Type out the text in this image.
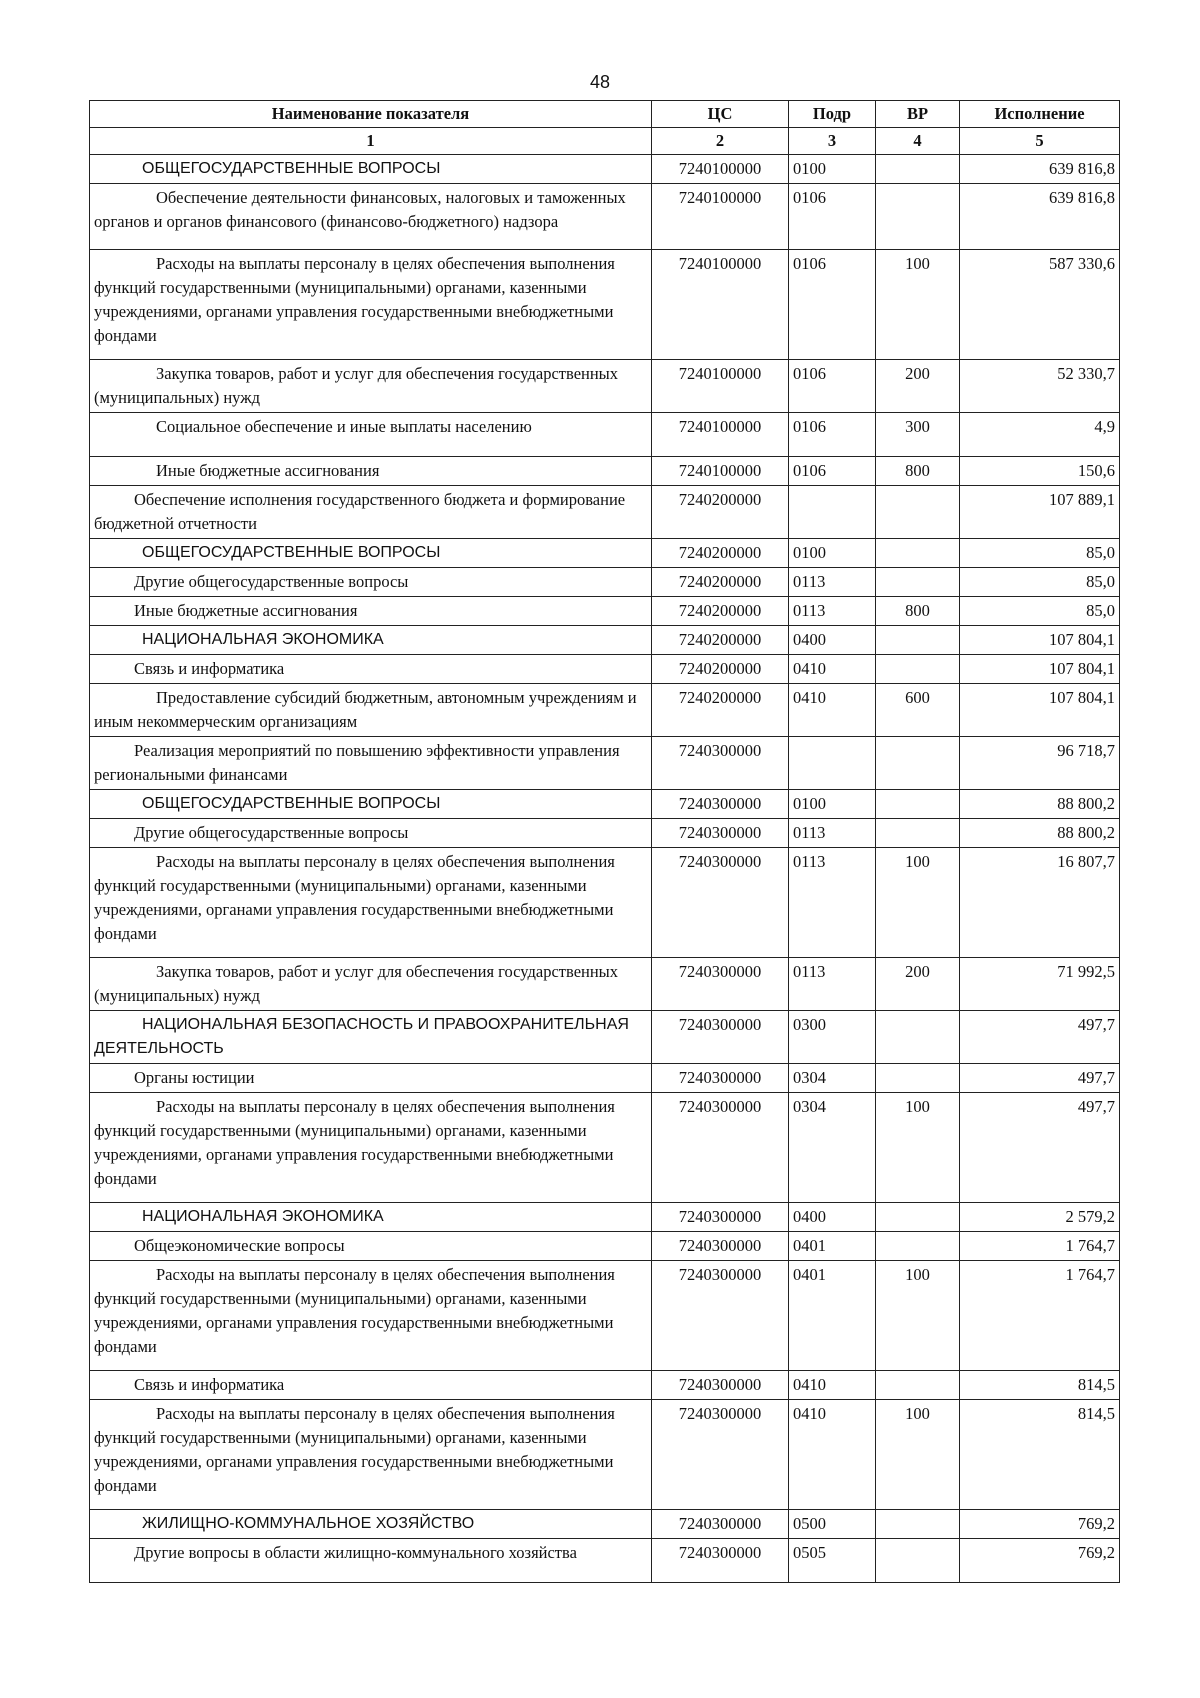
48
Наименование показателя	ЦС	Подр	ВР	Исполнение
1	2	3	4	5
ОБЩЕГОСУДАРСТВЕННЫЕ ВОПРОСЫ	7240100000	0100		639 816,8
Обеспечение деятельности финансовых, налоговых и таможенных органов и органов финансового (финансово-бюджетного) надзора	7240100000	0106		639 816,8
Расходы на выплаты персоналу в целях обеспечения выполнения функций государственными (муниципальными) органами, казенными учреждениями, органами управления государственными внебюджетными фондами	7240100000	0106	100	587 330,6
Закупка товаров, работ и услуг для обеспечения государственных (муниципальных) нужд	7240100000	0106	200	52 330,7
Социальное обеспечение и иные выплаты населению	7240100000	0106	300	4,9
Иные бюджетные ассигнования	7240100000	0106	800	150,6
Обеспечение исполнения государственного бюджета и формирование бюджетной отчетности	7240200000			107 889,1
ОБЩЕГОСУДАРСТВЕННЫЕ ВОПРОСЫ	7240200000	0100		85,0
Другие общегосударственные вопросы	7240200000	0113		85,0
Иные бюджетные ассигнования	7240200000	0113	800	85,0
НАЦИОНАЛЬНАЯ ЭКОНОМИКА	7240200000	0400		107 804,1
Связь и информатика	7240200000	0410		107 804,1
Предоставление субсидий бюджетным, автономным учреждениям и иным некоммерческим организациям	7240200000	0410	600	107 804,1
Реализация мероприятий по повышению эффективности управления региональными финансами	7240300000			96 718,7
ОБЩЕГОСУДАРСТВЕННЫЕ ВОПРОСЫ	7240300000	0100		88 800,2
Другие общегосударственные вопросы	7240300000	0113		88 800,2
Расходы на выплаты персоналу в целях обеспечения выполнения функций государственными (муниципальными) органами, казенными учреждениями, органами управления государственными внебюджетными фондами	7240300000	0113	100	16 807,7
Закупка товаров, работ и услуг для обеспечения государственных (муниципальных) нужд	7240300000	0113	200	71 992,5
НАЦИОНАЛЬНАЯ БЕЗОПАСНОСТЬ И ПРАВООХРАНИТЕЛЬНАЯ ДЕЯТЕЛЬНОСТЬ	7240300000	0300		497,7
Органы юстиции	7240300000	0304		497,7
Расходы на выплаты персоналу в целях обеспечения выполнения функций государственными (муниципальными) органами, казенными учреждениями, органами управления государственными внебюджетными фондами	7240300000	0304	100	497,7
НАЦИОНАЛЬНАЯ ЭКОНОМИКА	7240300000	0400		2 579,2
Общеэкономические вопросы	7240300000	0401		1 764,7
Расходы на выплаты персоналу в целях обеспечения выполнения функций государственными (муниципальными) органами, казенными учреждениями, органами управления государственными внебюджетными фондами	7240300000	0401	100	1 764,7
Связь и информатика	7240300000	0410		814,5
Расходы на выплаты персоналу в целях обеспечения выполнения функций государственными (муниципальными) органами, казенными учреждениями, органами управления государственными внебюджетными фондами	7240300000	0410	100	814,5
ЖИЛИЩНО-КОММУНАЛЬНОЕ ХОЗЯЙСТВО	7240300000	0500		769,2
Другие вопросы в области жилищно-коммунального хозяйства	7240300000	0505		769,2
